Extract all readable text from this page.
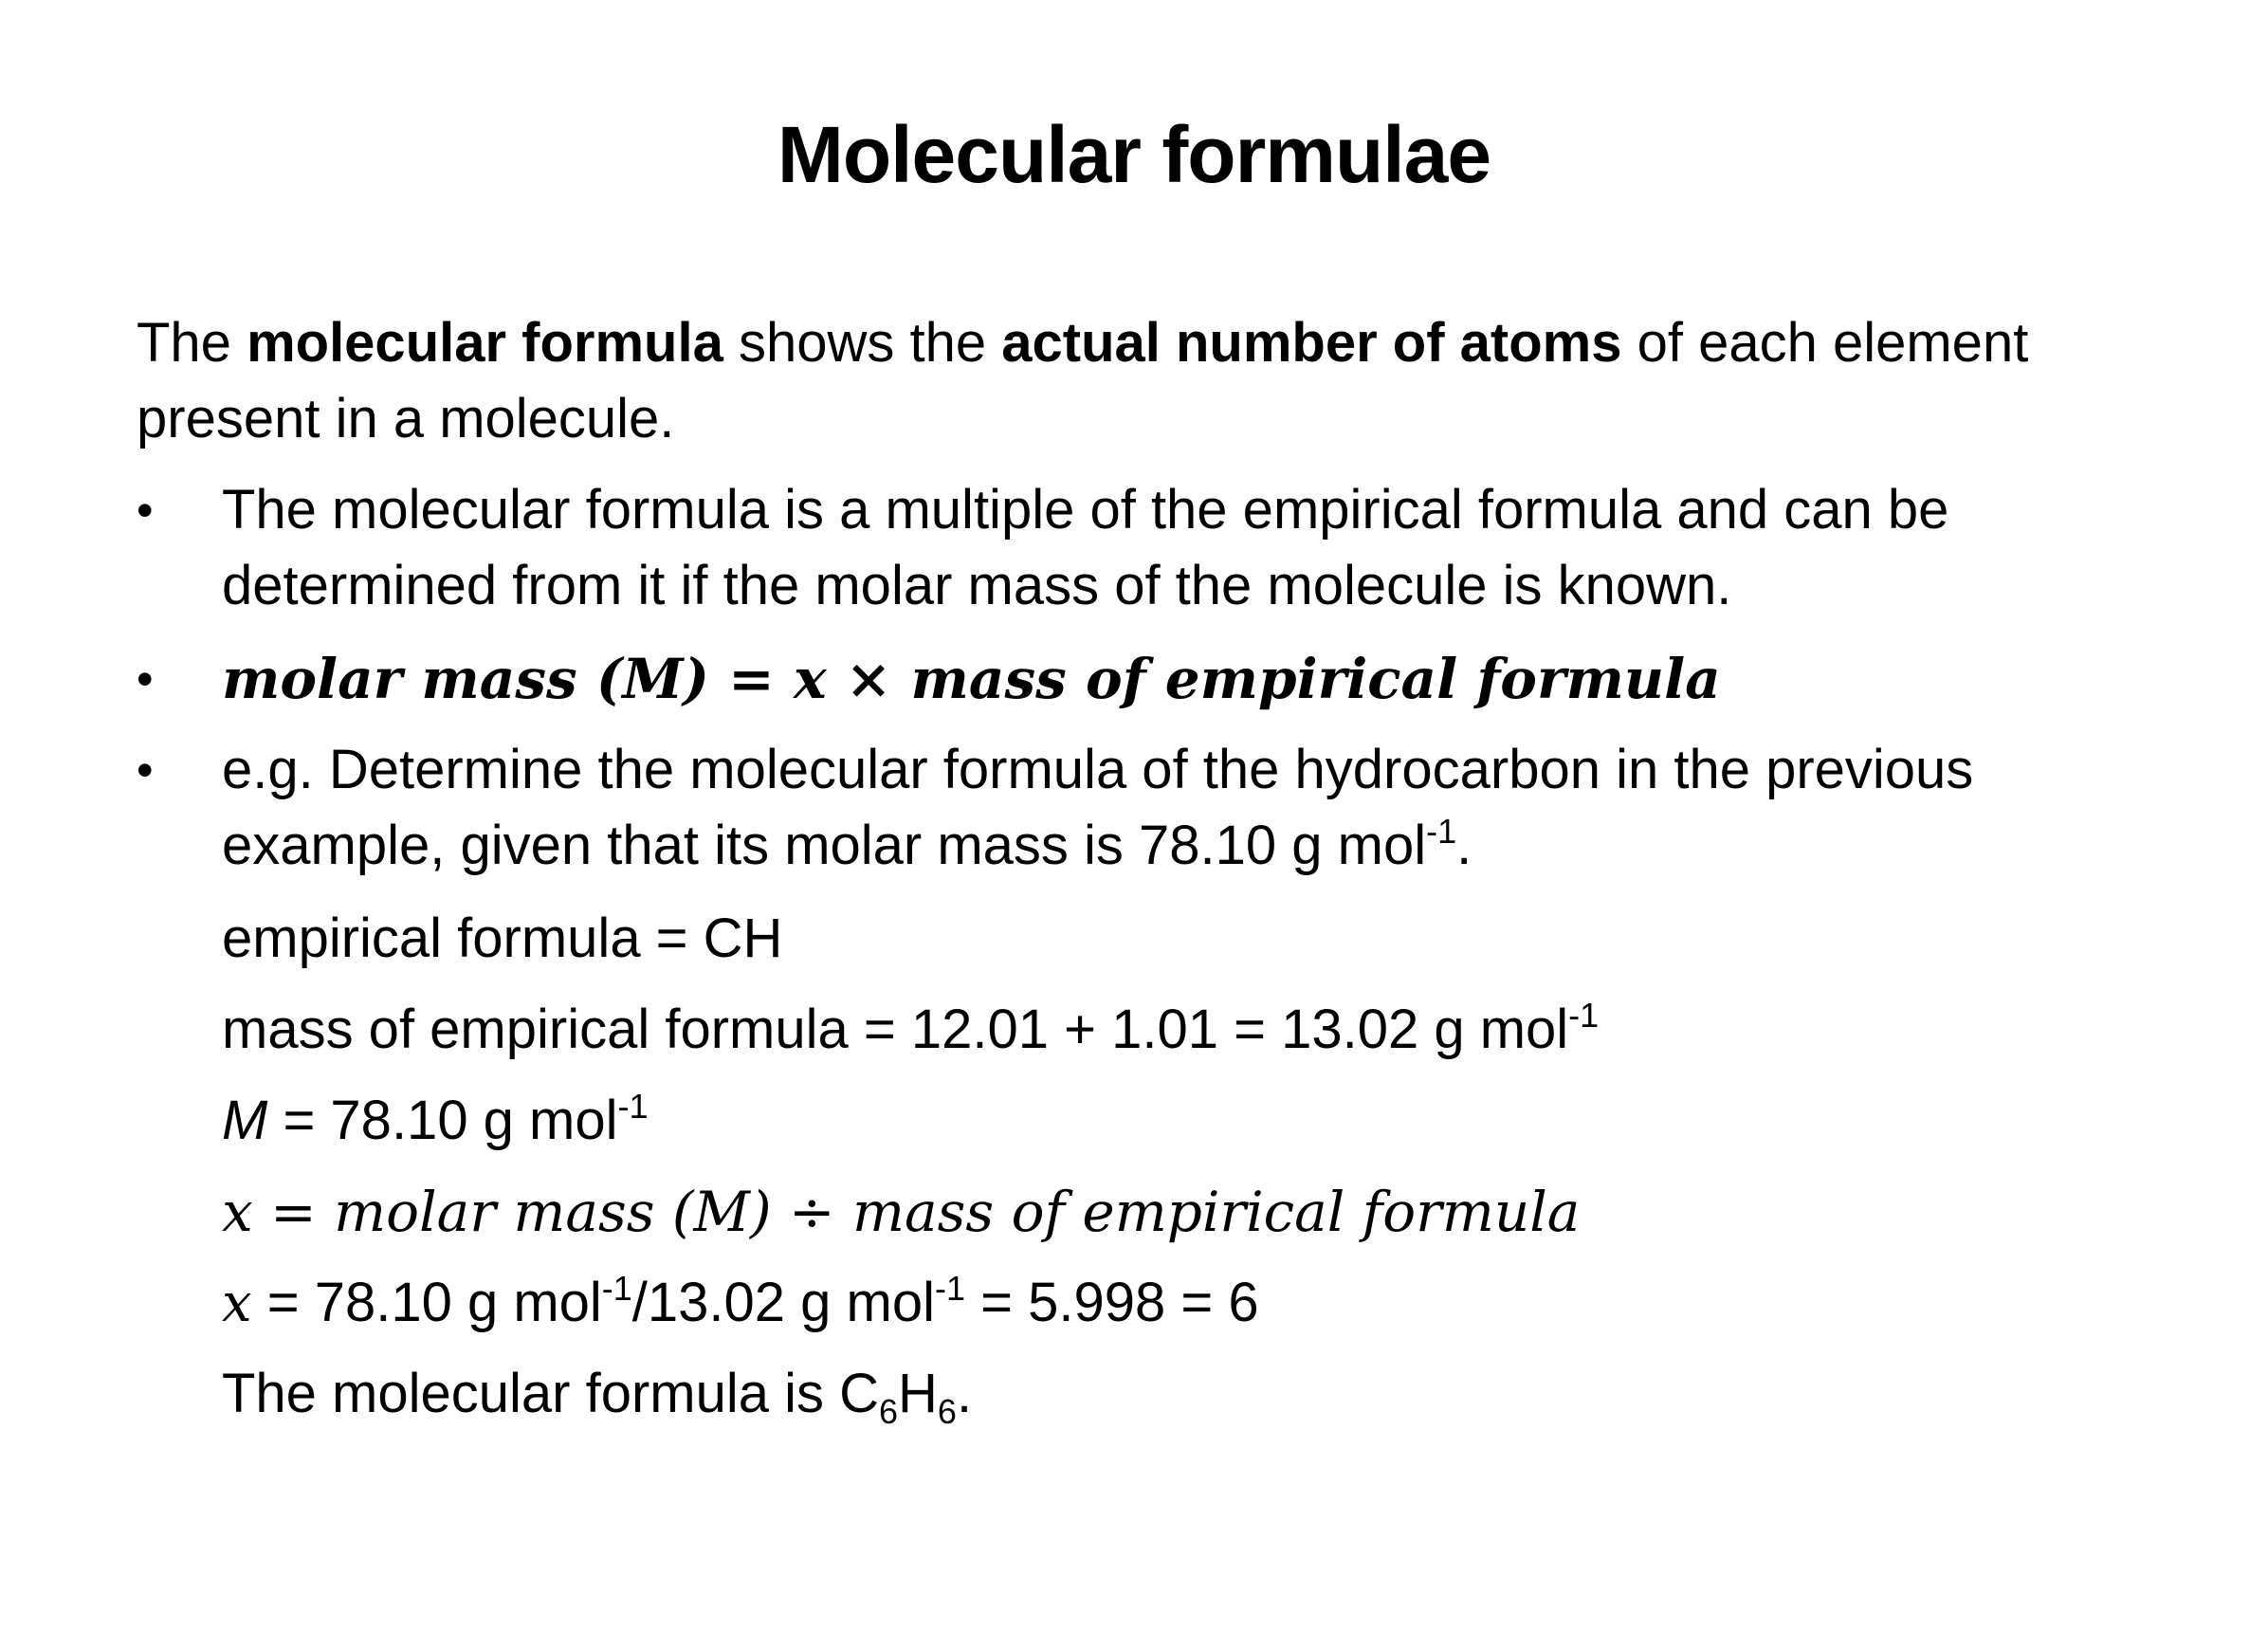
Molecular formulae
The molecular formula shows the actual number of atoms of each element present in a molecule.
•	The molecular formula is a multiple of the empirical formula and can be determined from it if the molar mass of the molecule is known.
•	molar mass (M) = x × mass of empirical formula
•	e.g. Determine the molecular formula of the hydrocarbon in the previous example, given that its molar mass is 78.10 g mol$^{-1}$.
empirical formula = CH
mass of empirical formula = 12.01 + 1.01 = 13.02 g mol$^{-1}$
M = 78.10 g mol$^{-1}$
x = molar mass (M) ÷ mass of empirical formula
x = 78.10 g mol$^{-1}$/13.02 g mol$^{-1}$ = 5.998 = 6
The molecular formula is $C_6H_6$.
